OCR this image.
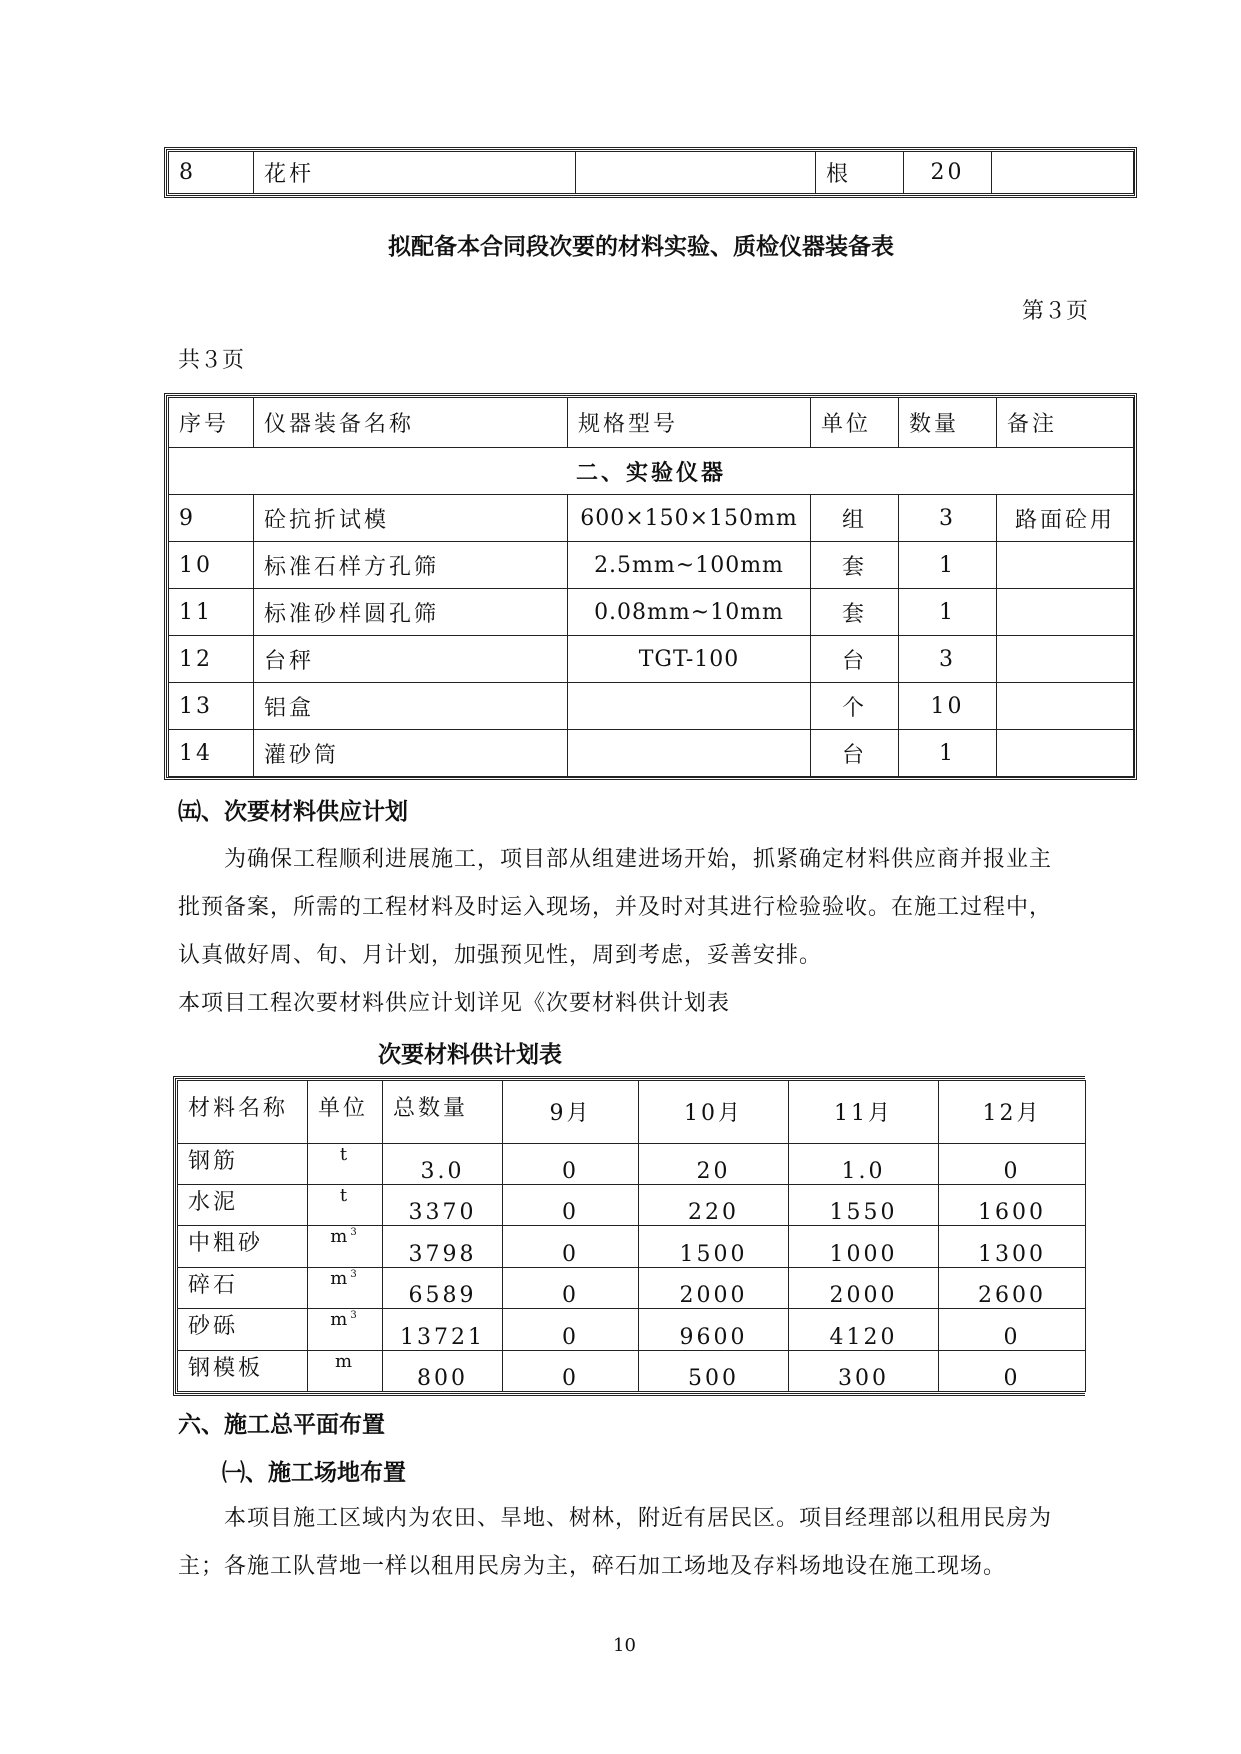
8	花杆		根	20	
拟配备本合同段次要的材料实验、质检仪器装备表
第３页
共３页
序号	仪器装备名称	规格型号	单位	数量	备注
二、实验仪器					
9	砼抗折试模	600×150×150mm	组	3	路面砼用
10	标准石样方孔筛	2.5mm~100mm	套	1	
11	标准砂样圆孔筛	0.08mm~10mm	套	1	
12	台秤	TGT-100	台	3	
13	铝盒		个	10	
14	灌砂筒		台	1	
㈤、次要材料供应计划
为确保工程顺利进展施工，项目部从组建进场开始，抓紧确定材料供应商并报业主
批预备案，所需的工程材料及时运入现场，并及时对其进行检验验收。在施工过程中，
认真做好周、旬、月计划，加强预见性，周到考虑，妥善安排。
本项目工程次要材料供应计划详见《次要材料供计划表
次要材料供计划表
材料名称	单位	总数量	9月	10月	11月	12月
钢筋	t	3.0	0	20	1.0	0
水泥	t	3370	0	220	1550	1600
中粗砂	$m^3$	3798	0	1500	1000	1300
碎石	$m^3$	6589	0	2000	2000	2600
砂砾	$m^3$	13721	0	9600	4120	0
钢模板	m	800	0	500	300	0
六、施工总平面布置
㈠、施工场地布置
本项目施工区域内为农田、旱地、树林，附近有居民区。项目经理部以租用民房为
主；各施工队营地一样以租用民房为主，碎石加工场地及存料场地设在施工现场。
10
